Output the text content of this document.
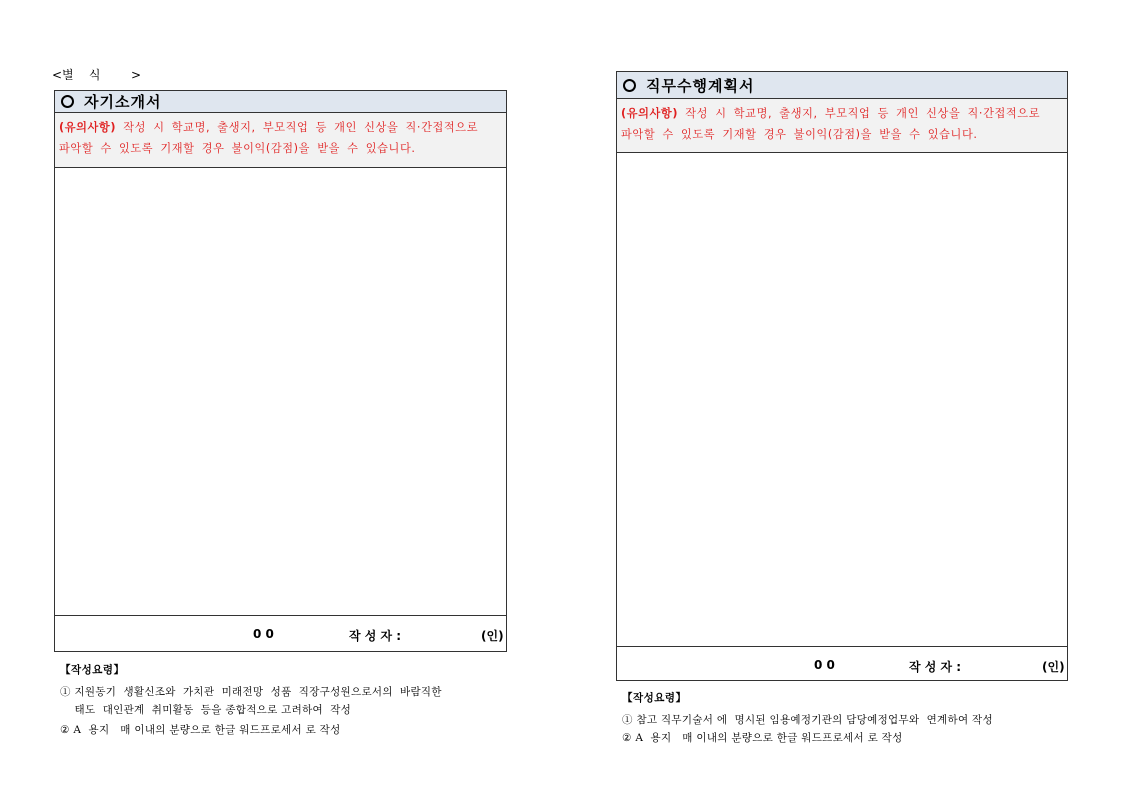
<별    식        >
자기소개서
(유의사항) 작성 시 학교명, 출생지, 부모직업 등 개인 신상을 직·간접적으로
파악할 수 있도록 기재할 경우 불이익(감점)을 받을 수 있습니다.
0 0	작 성 자 :	(인)
【작성요령】
① 지원동기  생활신조와  가치관  미래전망  성품  직장구성원으로서의  바람직한
태도  대인관계  취미활동  등을 종합적으로 고려하여  작성
② A  용지   매 이내의 분량으로 한글 워드프로세서 로 작성
직무수행계획서
(유의사항) 작성 시 학교명, 출생지, 부모직업 등 개인 신상을 직·간접적으로
파악할 수 있도록 기재할 경우 불이익(감점)을 받을 수 있습니다.
0 0	작 성 자 :	(인)
【작성요령】
① 참고 직무기술서 에  명시된 임용예정기관의 담당예정업무와  연계하여 작성
② A  용지   매 이내의 분량으로 한글 워드프로세서 로 작성
